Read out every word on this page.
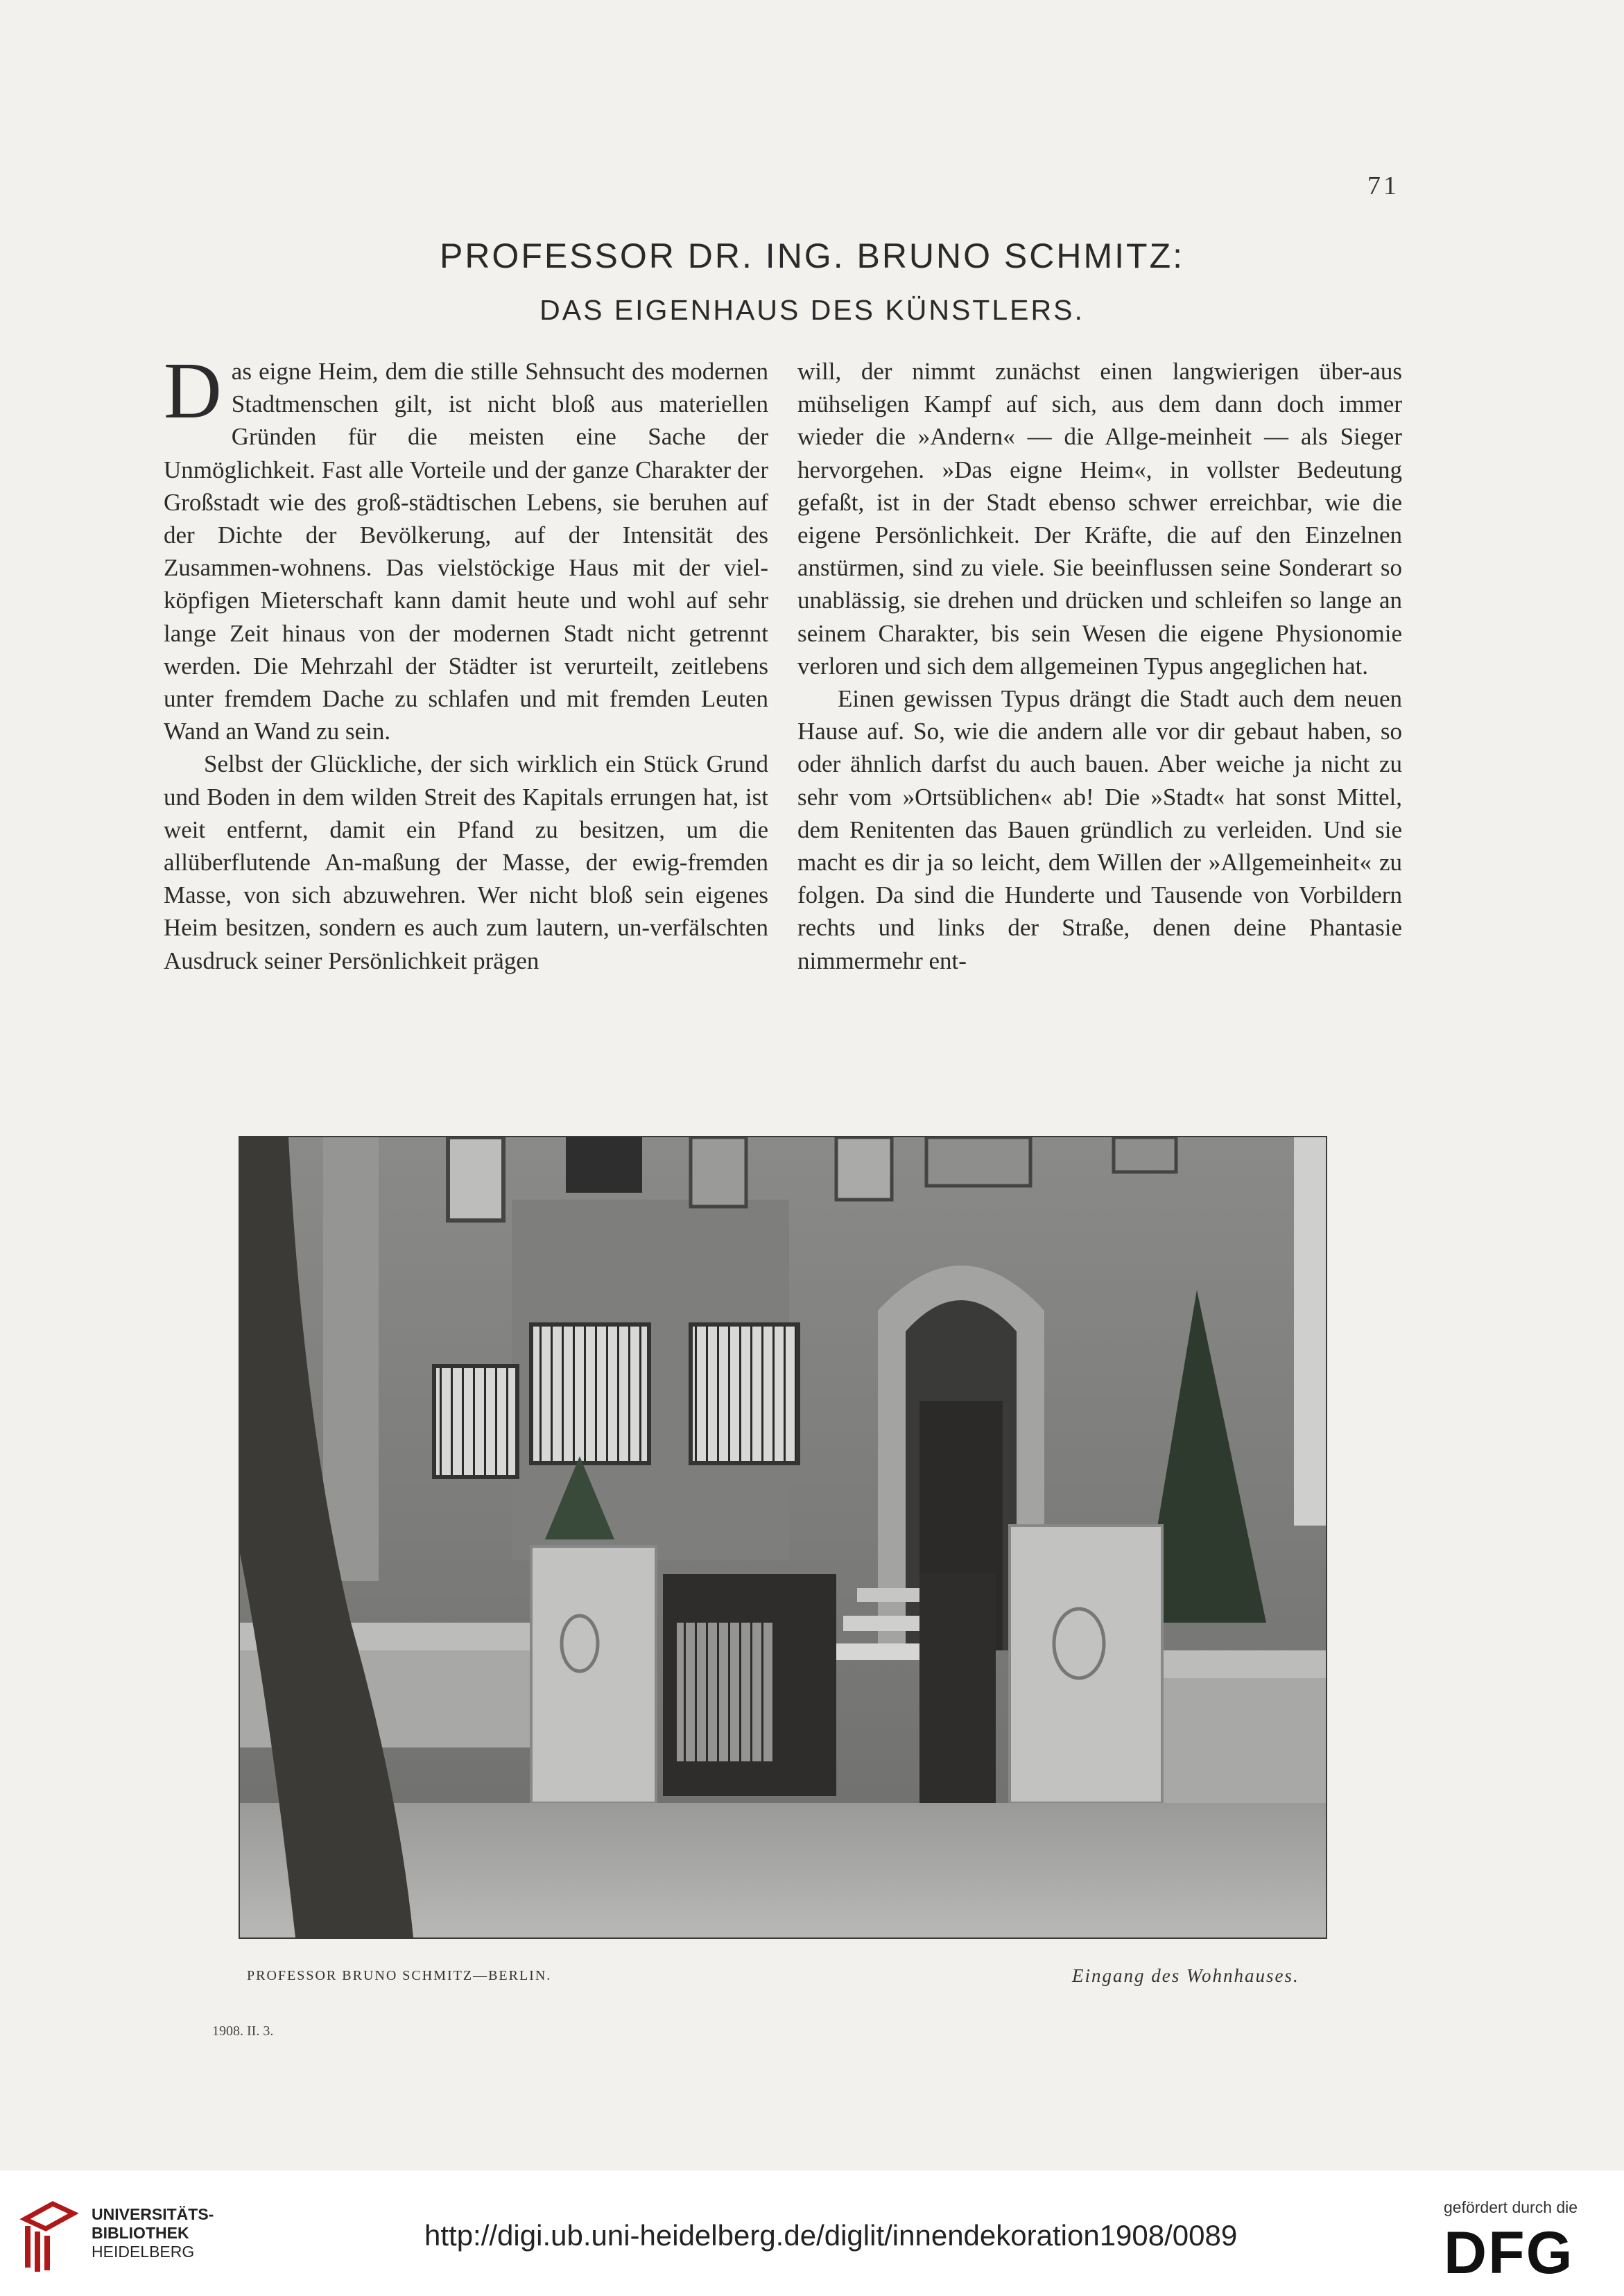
71
PROFESSOR DR. ING. BRUNO SCHMITZ:
DAS EIGENHAUS DES KÜNSTLERS.

Das eigne Heim, dem die stille Sehnsucht des modernen Stadtmenschen gilt, ist nicht bloß aus materiellen Gründen für die meisten eine Sache der Unmöglichkeit. Fast alle Vorteile und der ganze Charakter der Großstadt wie des groß-städtischen Lebens, sie beruhen auf der Dichte der Bevölkerung, auf der Intensität des Zusammen-wohnens. Das vielstöckige Haus mit der viel-köpfigen Mieterschaft kann damit heute und wohl auf sehr lange Zeit hinaus von der modernen Stadt nicht getrennt werden. Die Mehrzahl der Städter ist verurteilt, zeitlebens unter fremdem Dache zu schlafen und mit fremden Leuten Wand an Wand zu sein.

Selbst der Glückliche, der sich wirklich ein Stück Grund und Boden in dem wilden Streit des Kapitals errungen hat, ist weit entfernt, damit ein Pfand zu besitzen, um die allüberflutende An-maßung der Masse, der ewig-fremden Masse, von sich abzuwehren. Wer nicht bloß sein eigenes Heim besitzen, sondern es auch zum lautern, un-verfälschten Ausdruck seiner Persönlichkeit prägen

will, der nimmt zunächst einen langwierigen über-aus mühseligen Kampf auf sich, aus dem dann doch immer wieder die »Andern« — die Allge-meinheit — als Sieger hervorgehen. »Das eigne Heim«, in vollster Bedeutung gefaßt, ist in der Stadt ebenso schwer erreichbar, wie die eigene Persönlichkeit. Der Kräfte, die auf den Einzelnen anstürmen, sind zu viele. Sie beeinflussen seine Sonderart so unablässig, sie drehen und drücken und schleifen so lange an seinem Charakter, bis sein Wesen die eigene Physionomie verloren und sich dem allgemeinen Typus angeglichen hat.

Einen gewissen Typus drängt die Stadt auch dem neuen Hause auf. So, wie die andern alle vor dir gebaut haben, so oder ähnlich darfst du auch bauen. Aber weiche ja nicht zu sehr vom »Ortsüblichen« ab! Die »Stadt« hat sonst Mittel, dem Renitenten das Bauen gründlich zu verleiden. Und sie macht es dir ja so leicht, dem Willen der »Allgemeinheit« zu folgen. Da sind die Hunderte und Tausende von Vorbildern rechts und links der Straße, denen deine Phantasie nimmermehr ent-

PROFESSOR BRUNO SCHMITZ—BERLIN.	Eingang des Wohnhauses.
1908. II. 3.
UNIVERSITÄTS-
BIBLIOTHEK
HEIDELBERG	http://digi.ub.uni-heidelberg.de/diglit/innendekoration1908/0089
gefördert durch die
DFG
